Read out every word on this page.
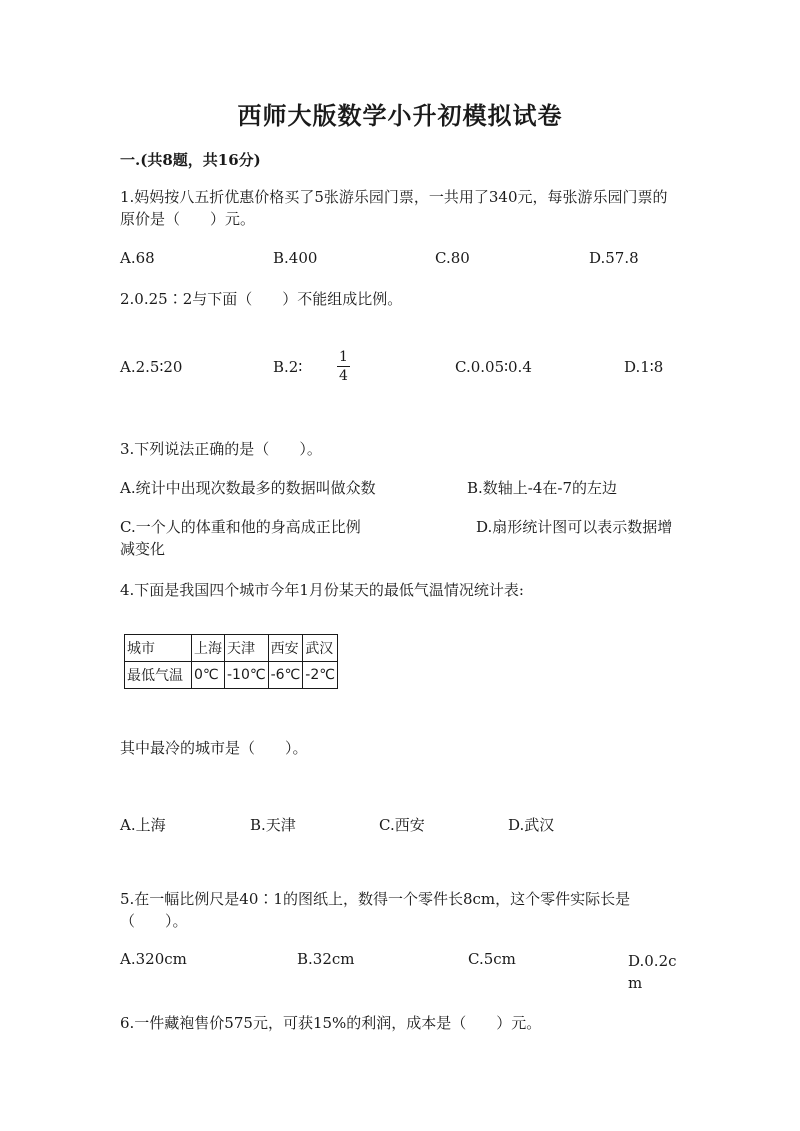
西师大版数学小升初模拟试卷
一.(共8题，共16分)
1.妈妈按八五折优惠价格买了5张游乐园门票，一共用了340元，每张游乐园门票的原价是（　　）元。
A.68	B.400	C.80	D.57.8
2.0.25∶2与下面（　　）不能组成比例。
A.2.5∶20	B.2∶ $\frac{1}{4}$	C.0.05∶0.4	D.1∶8
3.下列说法正确的是（　　）。
A.统计中出现次数最多的数据叫做众数	B.数轴上-4在-7的左边
C.一个人的体重和他的身高成正比例	D.扇形统计图可以表示数据增减变化
4.下面是我国四个城市今年1月份某天的最低气温情况统计表:
城市	上海	天津	西安	武汉
最低气温	0℃	-10℃	-6℃	-2℃
其中最冷的城市是（　　）。
A.上海	B.天津	C.西安	D.武汉
5.在一幅比例尺是40∶1的图纸上，数得一个零件长8cm，这个零件实际长是（　　）。
A.320cm	B.32cm	C.5cm	D.0.2cm
6.一件藏袍售价575元，可获15%的利润，成本是（　　）元。
